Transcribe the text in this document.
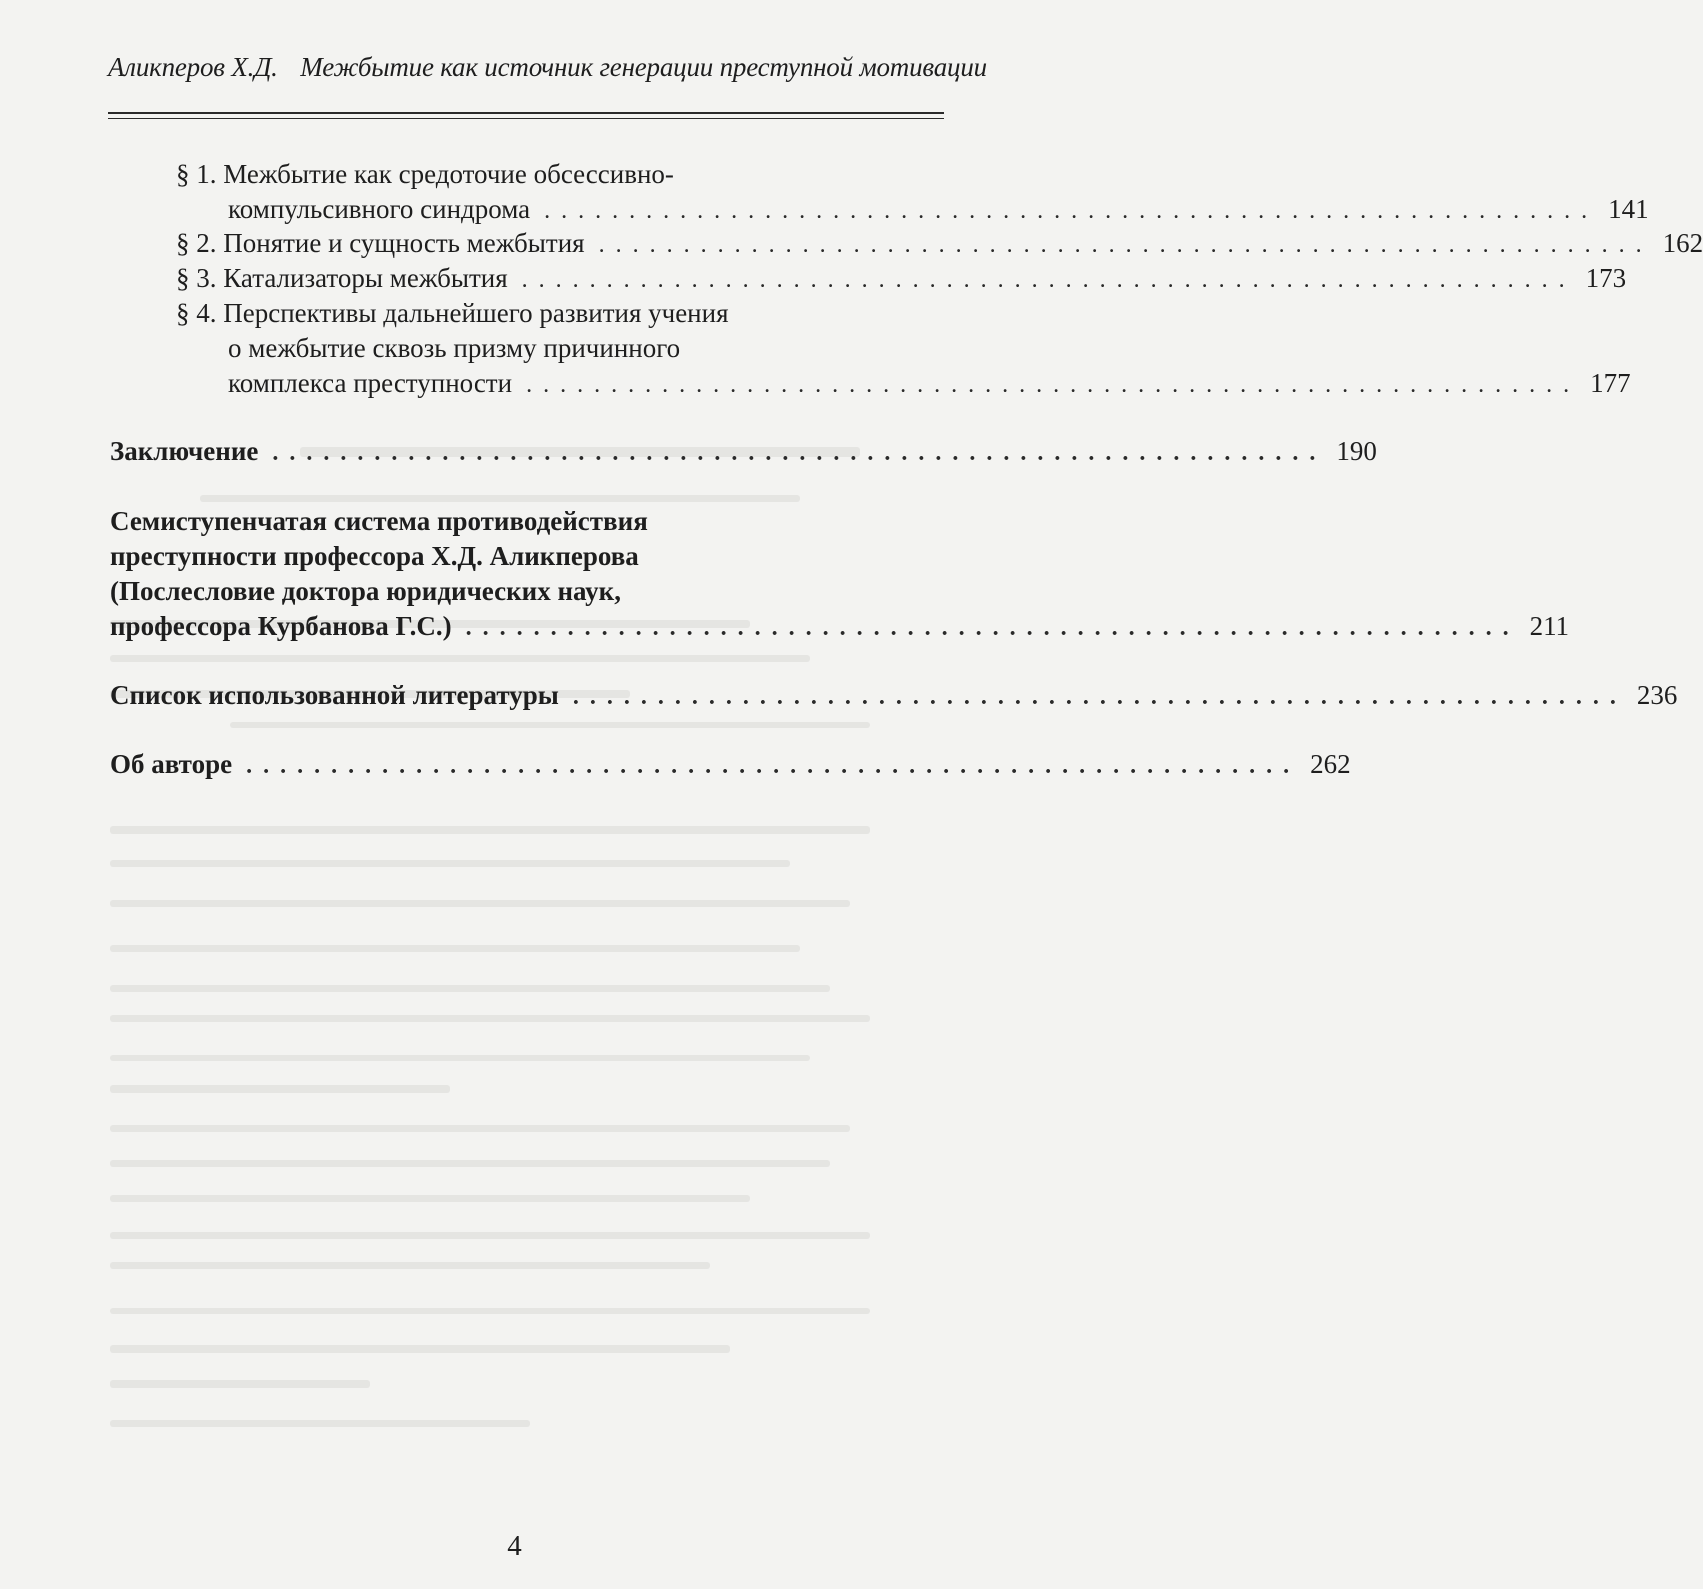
Аликперов Х.Д. Межбытие как источник генерации преступной мотивации
§ 1. Межбытие как средоточие обсессивно-
компульсивного синдрома .............................................................. 141
§ 2. Понятие и сущность межбытия .............................................................. 162
§ 3. Катализаторы межбытия .............................................................. 173
§ 4. Перспективы дальнейшего развития учения
о межбытие сквозь призму причинного
комплекса преступности .............................................................. 177
Заключение .............................................................. 190
Семиступенчатая система противодействия
преступности профессора Х.Д. Аликперова
(Послесловие доктора юридических наук,
профессора Курбанова Г.С.) .............................................................. 211
Список использованной литературы .............................................................. 236
Об авторе .............................................................. 262
4
